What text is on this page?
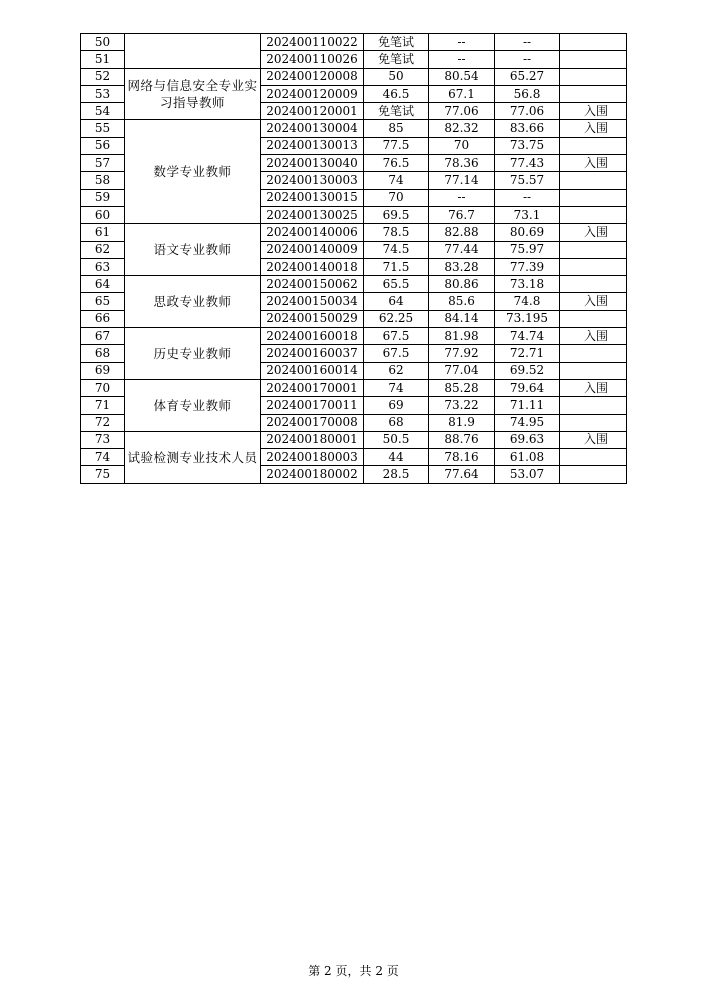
50		202400110022	免笔试	--	--	
51		202400110026	免笔试	--	--	
52	网络与信息安全专业实习指导教师	202400120008	50	80.54	65.27	
53		202400120009	46.5	67.1	56.8	
54		202400120001	免笔试	77.06	77.06	入围
55	数学专业教师	202400130004	85	82.32	83.66	入围
56		202400130013	77.5	70	73.75	
57		202400130040	76.5	78.36	77.43	入围
58		202400130003	74	77.14	75.57	
59		202400130015	70	--	--	
60		202400130025	69.5	76.7	73.1	
61	语文专业教师	202400140006	78.5	82.88	80.69	入围
62		202400140009	74.5	77.44	75.97	
63		202400140018	71.5	83.28	77.39	
64	思政专业教师	202400150062	65.5	80.86	73.18	
65		202400150034	64	85.6	74.8	入围
66		202400150029	62.25	84.14	73.195	
67	历史专业教师	202400160018	67.5	81.98	74.74	入围
68		202400160037	67.5	77.92	72.71	
69		202400160014	62	77.04	69.52	
70	体育专业教师	202400170001	74	85.28	79.64	入围
71		202400170011	69	73.22	71.11	
72		202400170008	68	81.9	74.95	
73	试验检测专业技术人员	202400180001	50.5	88.76	69.63	入围
74		202400180003	44	78.16	61.08	
75		202400180002	28.5	77.64	53.07	
第 2 页，共 2 页
